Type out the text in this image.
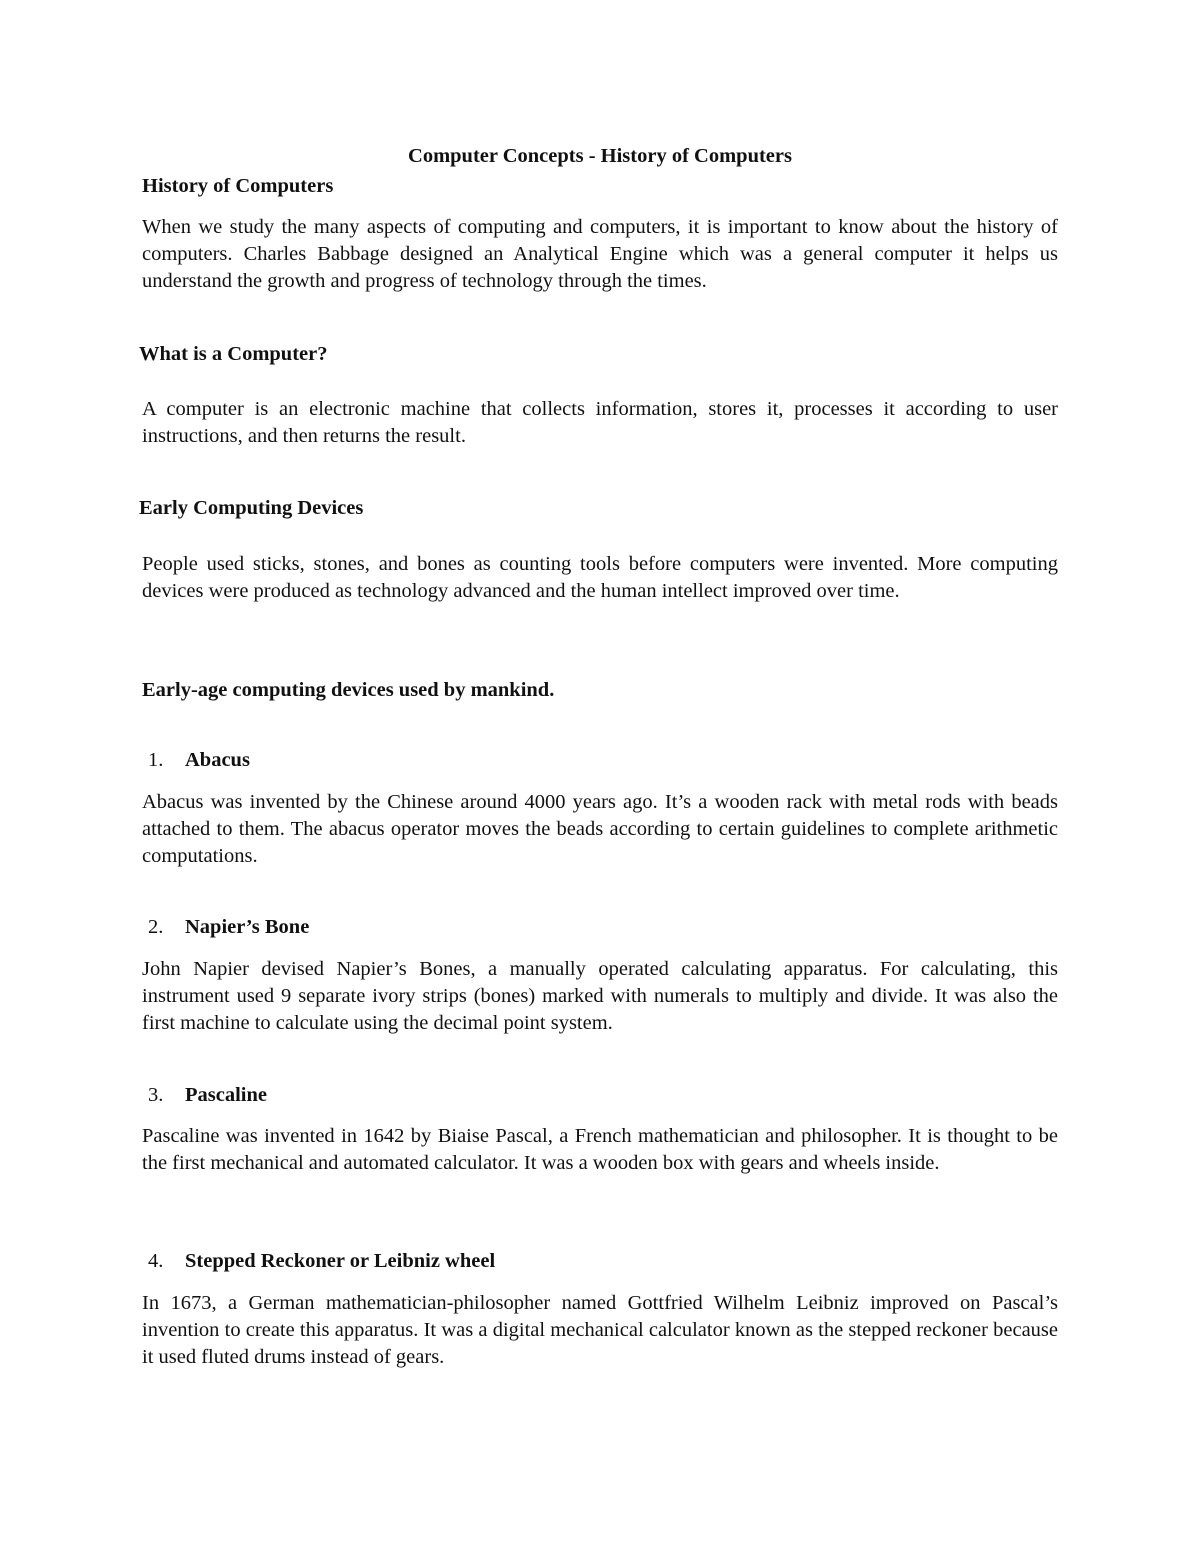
Computer Concepts - History of Computers
History of Computers

When we study the many aspects of computing and computers, it is important to know about the history of computers. Charles Babbage designed an Analytical Engine which was a general computer it helps us understand the growth and progress of technology through the times.

What is a Computer?

A computer is an electronic machine that collects information, stores it, processes it according to user instructions, and then returns the result.

Early Computing Devices

People used sticks, stones, and bones as counting tools before computers were invented. More computing devices were produced as technology advanced and the human intellect improved over time.

Early-age computing devices used by mankind.
1. Abacus

Abacus was invented by the Chinese around 4000 years ago. It’s a wooden rack with metal rods with beads attached to them. The abacus operator moves the beads according to certain guidelines to complete arithmetic computations.

2. Napier’s Bone

John Napier devised Napier’s Bones, a manually operated calculating apparatus. For calculating, this instrument used 9 separate ivory strips (bones) marked with numerals to multiply and divide. It was also the first machine to calculate using the decimal point system.

3. Pascaline

Pascaline was invented in 1642 by Biaise Pascal, a French mathematician and philosopher. It is thought to be the first mechanical and automated calculator. It was a wooden box with gears and wheels inside.

4. Stepped Reckoner or Leibniz wheel

In 1673, a German mathematician-philosopher named Gottfried Wilhelm Leibniz improved on Pascal’s invention to create this apparatus. It was a digital mechanical calculator known as the stepped reckoner because it used fluted drums instead of gears.
